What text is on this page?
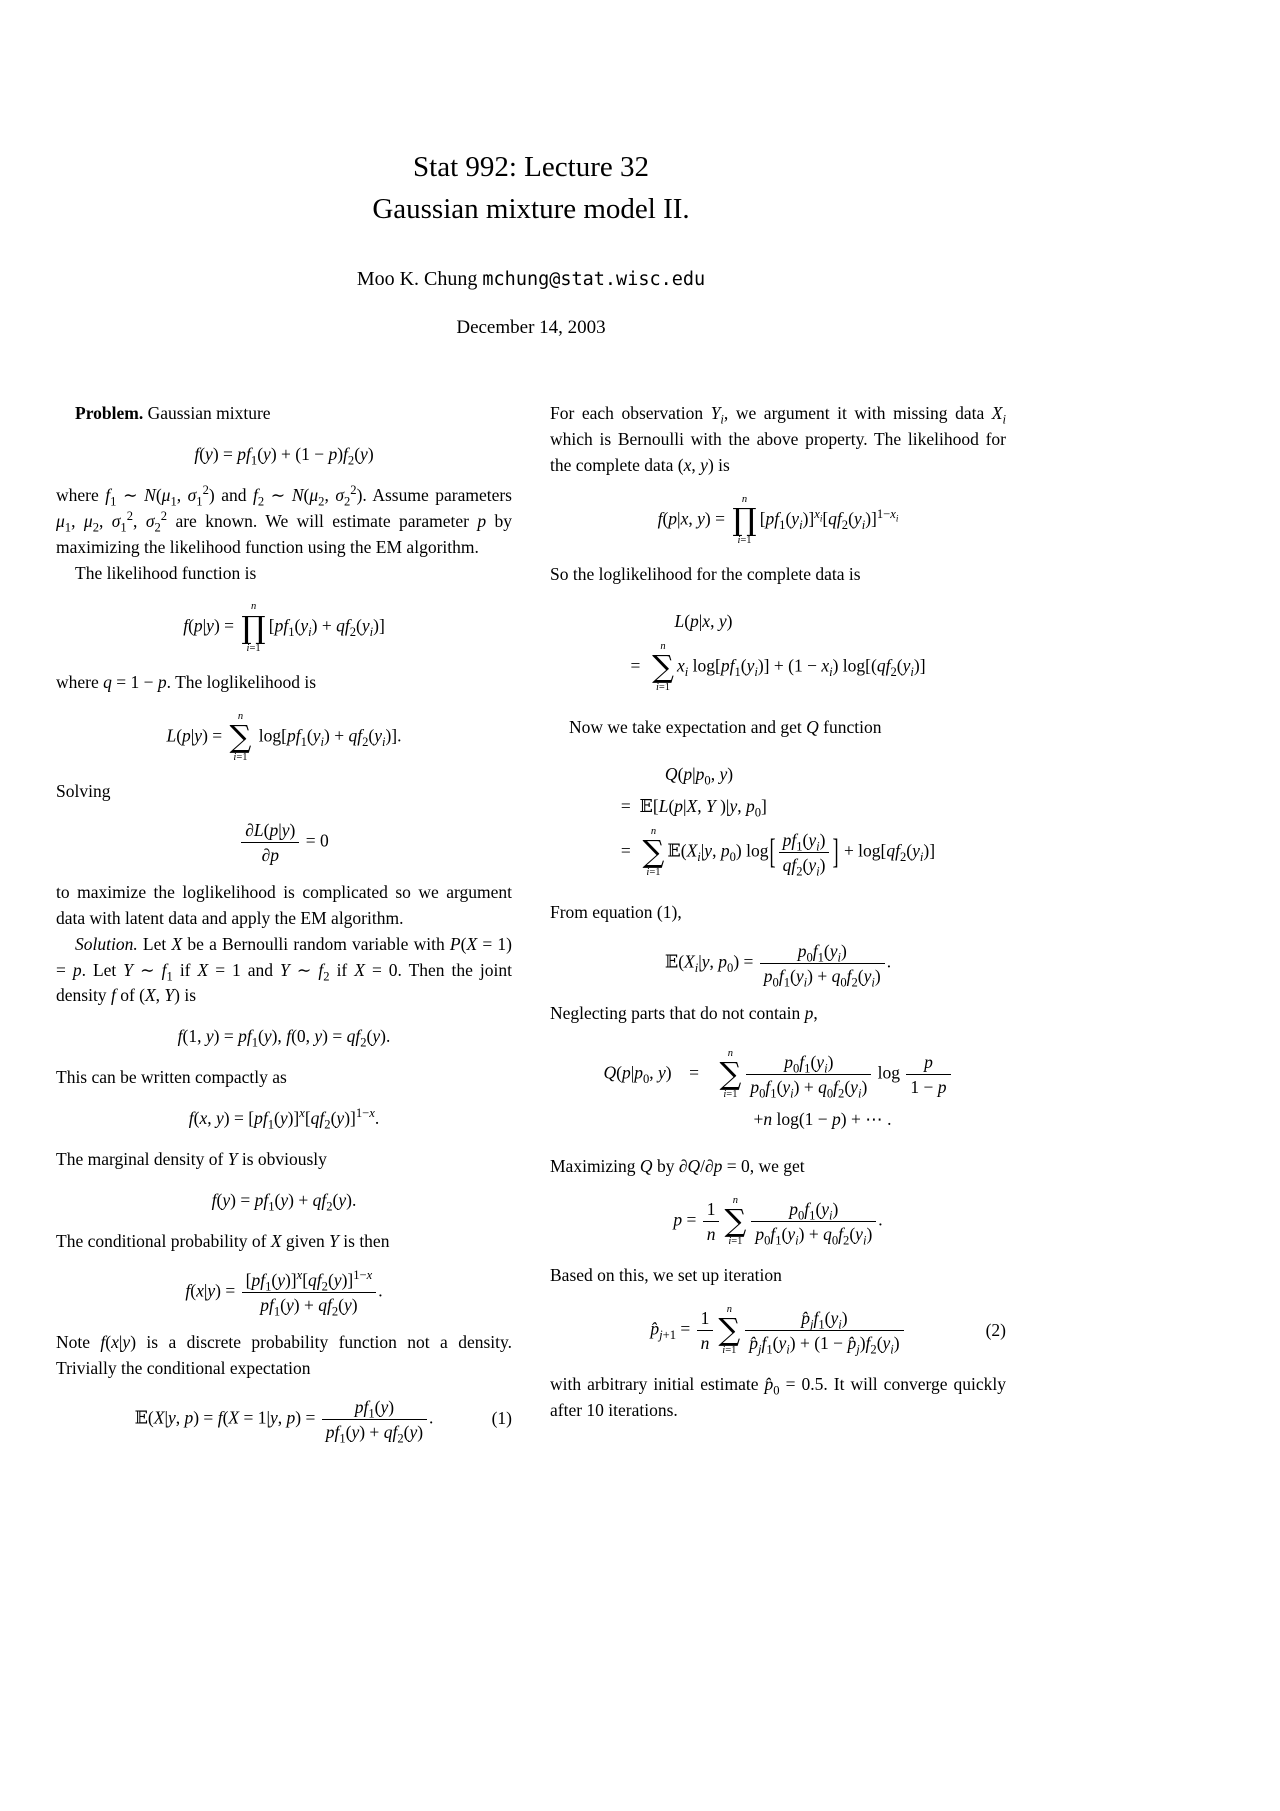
Stat 992: Lecture 32
Gaussian mixture model II.
Moo K. Chung mchung@stat.wisc.edu
December 14, 2003
Problem. Gaussian mixture
$f(y) = pf_1(y) + (1 - p)f_2(y)$
where $f_1$ ∼ $N(\mu_1$, $\sigma_1^2$) and $f_2$ ∼ $N(\mu_2$, $\sigma_2^2$). Assume parameters $\mu_1$, $\mu_2$, $\sigma_1^2$, $\sigma_2^2$ are known. We will estimate parameter p by maximizing the likelihood function using the EM algorithm.
The likelihood function is
f(p|y) =
n
∏
i=1
$[pf_1(y_i) + qf_2(y_i)]$
where q = 1 − p. The loglikelihood is
L(p|y) =
n
∑
i=1
$\log[pf_1(y_i) + qf_2(y_i)]$.
Solving
$\frac{\partial L(p|y)}{\partial p} = 0$
to maximize the loglikelihood is complicated so we argument data with latent data and apply the EM algorithm.
Solution. Let X be a Bernoulli random variable with P(X = 1) = p. Let Y ∼ $f_1$ if X = 1 and Y ∼ $f_2$ if X = 0. Then the joint density f of (X, Y) is
f(1, $y) = pf_1(y)$, f(0, $y) = qf_2(y)$.
This can be written compactly as
f(x, $y) = [pf_1(y)]^x[qf_2(y)]^{1-x}$.
The marginal density of Y is obviously
$f(y) = pf_1(y) + qf_2(y)$.
The conditional probability of X given Y is then
$f(x|y) = \frac{[pf_1(y)]^x[qf_2(y)]^{1-x}}{pf_1(y) + qf_2(y)}$ .
Note f(x|y) is a discrete probability function not a density. Trivially the conditional expectation
𝔼(X|y, p) = f(X = 1|y, $p) = \frac{pf_1(y)}{pf_1(y) + qf_2(y)}$ .	(1)
For each observation $Y_i$, we argument it with missing data $X_i$ which is Bernoulli with the above property. The likelihood for the complete data (x, y) is
f(p|x, y) =
n
∏
i=1
$[pf_1(y_i)]^{x_i}[qf_2(y_i)]^{1-x_i}$
So the loglikelihood for the complete data is
L(p|x, y)
= 
n
∑
i=1
$x_i$ $\log[pf_1(y_i)] + (1 - x_i)$ $\log[(qf_2(y_i)]$
Now we take expectation and get Q function
$Q(p|p_0$, y)
= 𝔼[L(p|X, Y )|y, $p_0$]
= 
n
∑
i=1
$𝔼(X_i|y$, $p_0$) $\log[ \frac{pf_1(y_i)}{qf_2(y_i)}$ ] + $\log[qf_2(y_i)]$
From equation (1),
$𝔼(X_i|y$, $p_0) = \frac{p_0f_1(y_i)}{p_0f_1(y_i) + q_0f_2(y_i)}$ .
Neglecting parts that do not contain p,
$Q(p|p_0$, y) = 
n
∑
$i=1 \frac{p_0f_1(y_i)}{p_0f_1(y_i) + q_0f_2(y_i)}$ $\log \frac{p}{1 - p}$
+n log(1 − p) + ⋯ .
Maximizing Q by ∂Q/∂p = 0, we get
$p = \frac{1}{n}$ n
∑
$i=1 \frac{p_0f_1(y_i)}{p_0f_1(y_i) + q_0f_2(y_i)}$ .
Based on this, we set up iteration
$p̂_{j+1} = \frac{1}{n}$ n
∑
$i=1 \frac{p̂_jf_1(y_i)}{p̂_jf_1(y_i) + (1 - p̂_j)f_2(y_i)}$	(2)
with arbitrary initial estimate $p̂_0 = 0.5$. It will converge quickly after 10 iterations.
